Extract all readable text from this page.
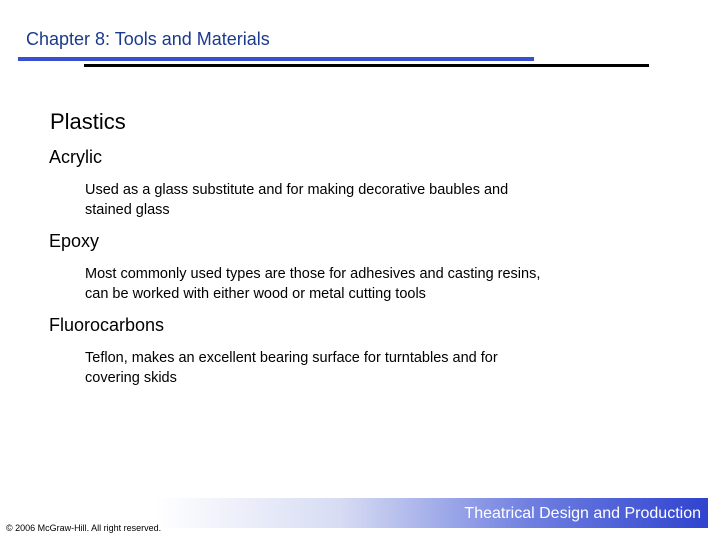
Chapter 8: Tools and Materials
Plastics
Acrylic
Used as a glass substitute and for making decorative baubles and
stained glass
Epoxy
Most commonly used types are those for adhesives and casting resins,
can be worked with either wood or metal cutting tools
Fluorocarbons
Teflon, makes an excellent bearing surface for turntables and for
covering skids
Theatrical Design and Production
© 2006 McGraw-Hill. All right reserved.
